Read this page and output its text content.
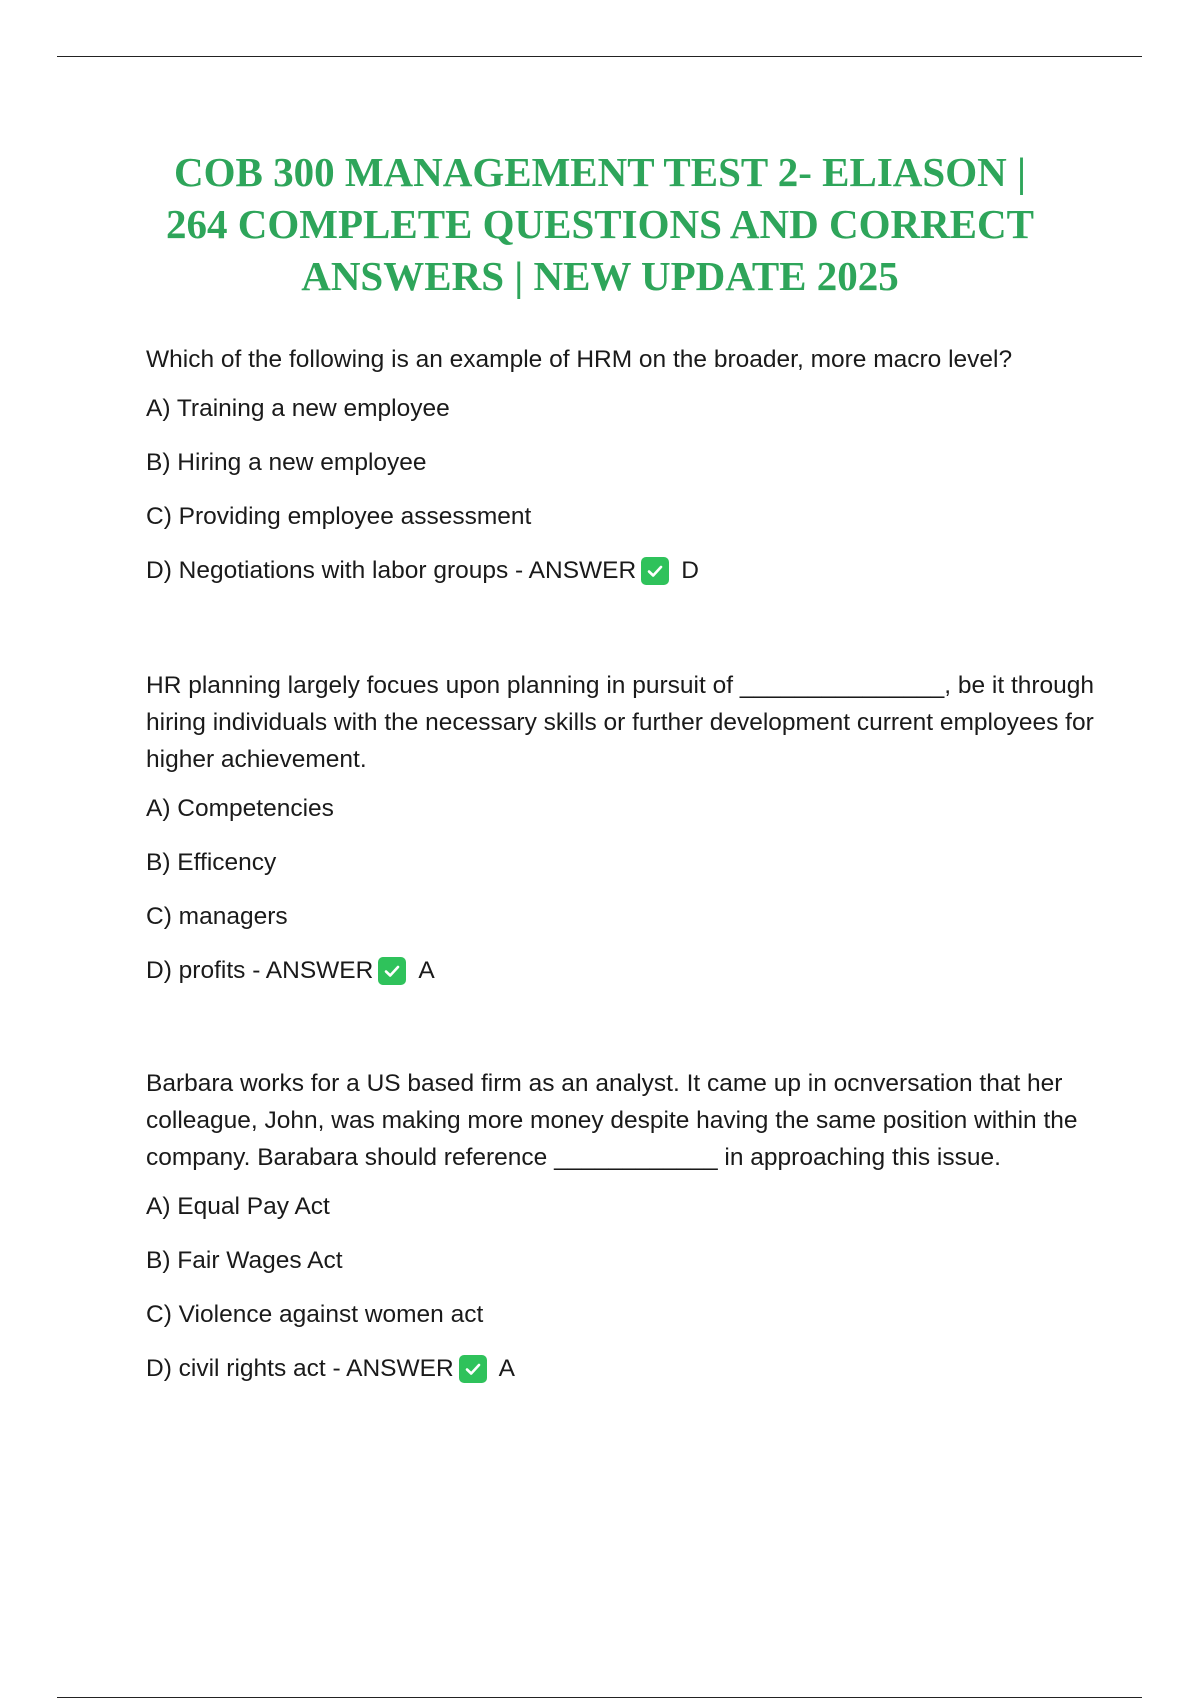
COB 300 MANAGEMENT TEST 2- ELIASON |
264 COMPLETE QUESTIONS AND CORRECT
ANSWERS | NEW UPDATE 2025

Which of the following is an example of HRM on the broader, more macro level?

A) Training a new employee
B) Hiring a new employee
C) Providing employee assessment
D) Negotiations with labor groups - ANSWER D

HR planning largely focues upon planning in pursuit of _______________, be it through hiring individuals with the necessary skills or further development current employees for higher achievement.

A) Competencies
B) Efficency
C) managers
D) profits - ANSWER A

Barbara works for a US based firm as an analyst. It came up in ocnversation that her colleague, John, was making more money despite having the same position within the company. Barabara should reference ____________ in approaching this issue.

A) Equal Pay Act
B) Fair Wages Act
C) Violence against women act
D) civil rights act - ANSWER A
